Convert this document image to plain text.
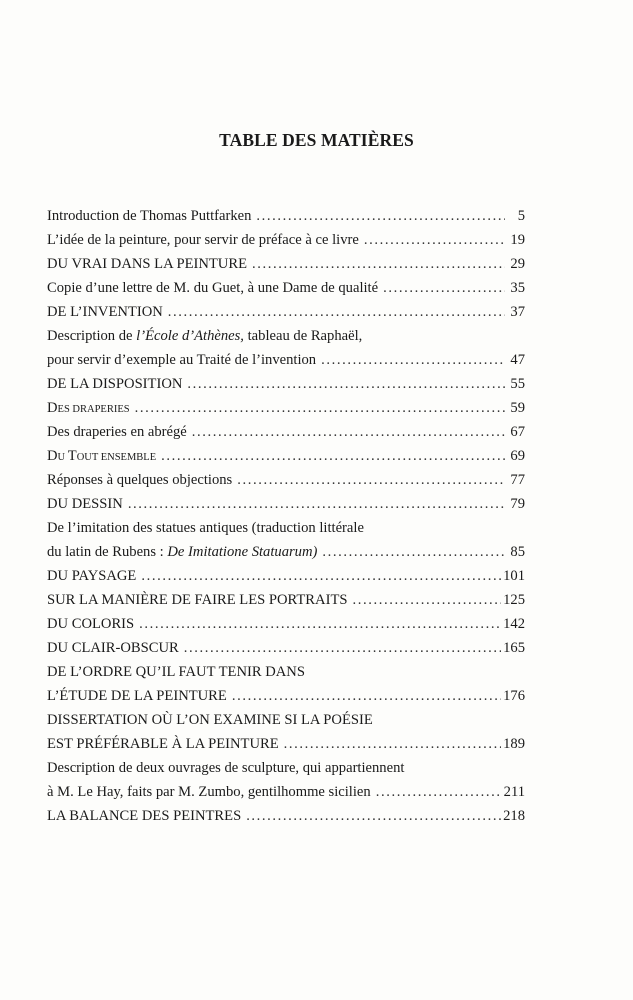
TABLE DES MATIÈRES
Introduction de Thomas Puttfarken .....	5
L’idée de la peinture, pour servir de préface à ce livre .....	19
DU VRAI DANS LA PEINTURE .....	29
Copie d’une lettre de M. du Guet, à une Dame de qualité .....	35
DE L’INVENTION .....	37
Description de l’École d’Athènes, tableau de Raphaël,
pour servir d’exemple au Traité de l’invention .....	47
DE LA DISPOSITION .....	55
DES DRAPERIES .....	59
Des draperies en abrégé .....	67
DU TOUT ENSEMBLE .....	69
Réponses à quelques objections .....	77
DU DESSIN .....	79
De l’imitation des statues antiques (traduction littérale
du latin de Rubens : De Imitatione Statuarum) .....	85
DU PAYSAGE .....	101
SUR LA MANIÈRE DE FAIRE LES PORTRAITS .....	125
DU COLORIS .....	142
DU CLAIR-OBSCUR .....	165
DE L’ORDRE QU’IL FAUT TENIR DANS
L’ÉTUDE DE LA PEINTURE .....	176
DISSERTATION OÙ L’ON EXAMINE SI LA POÉSIE
EST PRÉFÉRABLE À LA PEINTURE .....	189
Description de deux ouvrages de sculpture, qui appartiennent
à M. Le Hay, faits par M. Zumbo, gentilhomme sicilien .....	211
LA BALANCE DES PEINTRES .....	218
